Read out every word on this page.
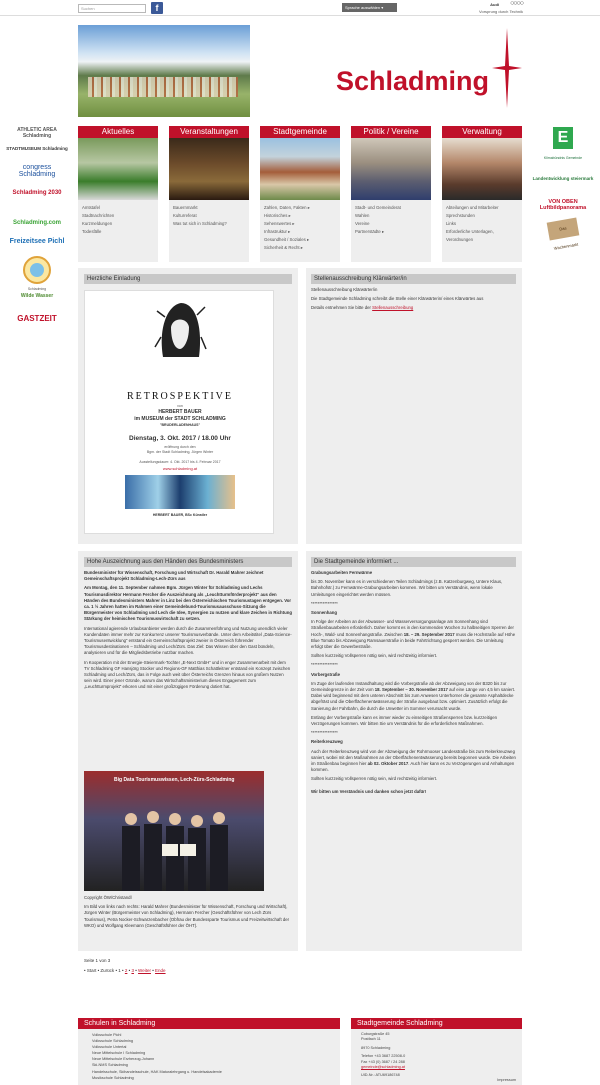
Suchen	f	Sprache auswählen ▾
Audi ○○○○
Vorsprung durch Technik
Schladming
ATHLETIC AREA Schladming
STADTMUSEUM Schladming
congress Schladming
Schladming 2030
Schladming.com
Freizeitsee Pichl
Schladming
Wilde Wasser
GASTZEIT
E
Klimabündnis Gemeinde
Landentwicklung steiermark
VON OBEN Luftbildpanorama
Das Wochenmarkt
Aktuelles
Amtstafel
Stadtnachrichten
Kurzmeldungen
Todesfälle
Veranstaltungen
Bauernmarkt
Kulturreferat
Was tut sich in Schladming?
Stadtgemeinde
Zahlen, Daten, Fakten ▸
Historisches ▸
Sehenswertes ▸
Infrastruktur ▸
Gesundheit / Soziales ▸
Sicherheit & Recht ▸
Politik / Vereine
Stadt- und Gemeinderat
Wahlen
Vereine
Partnerstädte ▸
Verwaltung
Abteilungen und Mitarbeiter
Sprechstunden
Links
Erforderliche Unterlagen,
Verordnungen
Herzliche Einladung
RETROSPEKTIVE
von
HERBERT BAUER
im MUSEUM der STADT SCHLADMING
"BRUDERLADENHAUS"
Dienstag, 3. Okt. 2017 / 18.00 Uhr
eröffnung durch den
Bgm. der Stadt Schladming, Jürgen Winter
Ausstellungsdauer: 4. Okt. 2017 bis 4. Februar 2017
www.schladming.at
HERBERT BAUER, BSc Künstler
Stellenausschreibung Klärwärter/in

Stellenausschreibung Klärwärter/in

Die Stadtgemeinde Schladming schreibt die Stelle einer Klärwärterin/ eines Klärwärtes aus

Details entnehmen Sie bitte der Stellenausschreibung

Hohe Auszeichnung aus den Händen des Bundesministers

Bundesminister für Wissenschaft, Forschung und Wirtschaft Dr. Harald Mahrer zeichnet Gemeinschaftsprojekt Schladming-Lech-Zürs aus

Am Montag, den 11. September nahmen Bgm. Jürgen Winter für Schladming und Lechs Tourismusdirektor Hermann Fercher die Auszeichnung als „Leuchtturmförderprojekt“ aus den Händen des Bundesministers Mahrer in Linz bei den Österreichischen Tourismustagen entgegen. Vor ca. 1 ½ Jahren hatten im Rahmen einer Gemeindebund-Tourismusausschuss-Sitzung die Bürgermeister von Schladming und Lech die Idee, Synergien zu nutzen und klare Zeichen in Richtung Stärkung der heimischen Tourismuswirtschaft zu setzen.

International agierende Urlaubsanbieter werden durch die Zusammenführung und Nutzung unendlich vieler Kundendaten immer mehr zur Konkurrenz unserer Tourismusverbände. Unter dem Arbeitstitel „Data-Science-Tourismusentwicklung“ entstand ein Gemeinschaftsprojekt zweier in Österreich führender Tourismusdestinationen – Schladming und Lech/Zürs. Das Ziel: Das Wissen über den Gast bündeln, analysieren und für die Mitgliedsbetriebe nutzbar machen.

In Kooperation mit der Energie-Steiermark-Tochter „E-Next GmbH“ und in enger Zusammenarbeit mit dem TV Schladming GF Hansjörg Stocker und Regions-GF Matthias Schattleitner entstand ein Konzept zwischen Schladming und Lech/Zürs, das in Folge auch weit über Österreichs Grenzen hinaus von großem Nutzen sein wird. Einer jener Gründe, warum das Wirtschaftsministerium dieses Engagement zum „Leuchtturmprojekt“ erkoren und mit einer großzügigen Förderung dotiert hat.

Big Data Tourismuswissen, Lech-Zürs-Schladming

Copyright ÖW/Christandl

Im Bild von links nach rechts: Harald Mahrer (Bundesminister für Wissenschaft, Forschung und Wirtschaft), Jürgen Winter (Bürgermeister von Schladming), Hermann Fercher (Geschäftsführer von Lech Zürs Tourismus), Petra Nocker-Schwarzenbacher (Obfrau der Bundessparte Tourismus und Freizeitwirtschaft der WKO) und Wolfgang Kleemann (Geschäftsführer der ÖHT).

Die Stadtgemeinde informiert ...

Grabungsarbeiten Fernwärme

bis 30. November kann es in verschiedenen Teilen Schladmings (z.B. Katzenburgweg, Untere Klaus, Bahnhofstr.) zu Fernwärme-Grabungsarbeiten kommen. Wir bitten um Verständnis, wenn lokale Umleitungen eingerichtet werden müssen.

****************

Sonnenhang

In Folge der Arbeiten an der Abwasser- und Wasserversorgungsanlage am Sonnenhang sind Straßenbauarbeiten erforderlich. Daher kommt es in den kommenden Wochen zu halbseitigen Sperren der Hoch-, Wald- und Sonnenhangstraße. Zwischen 18. – 29. September 2017 muss die Hochstraße auf Höhe Blue Tomato bis Abzweigung Ramsauerstraße in beide Fahrtrichtung gesperrt werden. Die Umleitung erfolgt über die Gewerbestraße.

Sollten kurzzeitig Vollsperren nötig sein, wird rechtzeitig informiert.

****************

Vorbergstraße

Im Zuge der laufenden Instandhaltung wird die Vorbergstraße ab der Abzweigung von der B320 bis zur Gemeindegrenze in der Zeit vom 18. September – 30. November 2017 auf eine Länge von 4,5 km saniert. Dabei wird beginnend mit dem unteren Abschnitt bis zum Anwesen Unterhorner die gesamte Asphaltdecke abgefräst und die Oberflächenentwässerung der Straße ausgebaut bzw. optimiert. Zusätzlich erfolgt die Sanierung der Fahrbahn, die durch die Unwetter im Sommer verursacht wurde.

Entlang der Vorbergstraße kann es immer wieder zu einseitigen Straßensperren bzw. kurzzeitigen Verzögerungen kommen. Wir bitten Sie um Verständnis für die erforderlichen Maßnahmen.

****************

Reiterkreuzweg

Auch der Reiterkreuzweg wird von der Abzweigung der Rohrmooser Landesstraße bis zum Reiterkreuzweg saniert, wobei mit den Maßnahmen an der Oberflächenentwässerung bereits begonnen wurde. Die Arbeiten im Straßenbau beginnen hier ab 02. Oktober 2017. Auch hier kann es zu Verzögerungen und Anhaltungen kommen.

Sollten kurzzeitig Vollsperren nötig sein, wird rechtzeitig informiert.

Wir bitten um Verständnis und danken schon jetzt dafür!

Seite 1 von 3
• Start • Zurück • 1 • 2 • 3 • Weiter • Ende
Schulen in Schladming
Volksschule Pichl
Volksschule Schladming
Volksschule Untertal
Neue Mittelschule I Schladming
Neue Mittelschule Erzherzog-Johann
Ski-NMS Schladming
Handelsschule, Skihandelsschule, HAK Maturalehrgang u. Handelsakademie
Musikschule Schladming
Stadtgemeinde Schladming
Coburgstraße 45
Postfach 11
8970 Schladming
Telefon +43 3687 22508-0
Fax +43 (0) 3687 / 24 288
gemeinde@schladming.at
UID-Nr.: ATU69186748
Impressum
